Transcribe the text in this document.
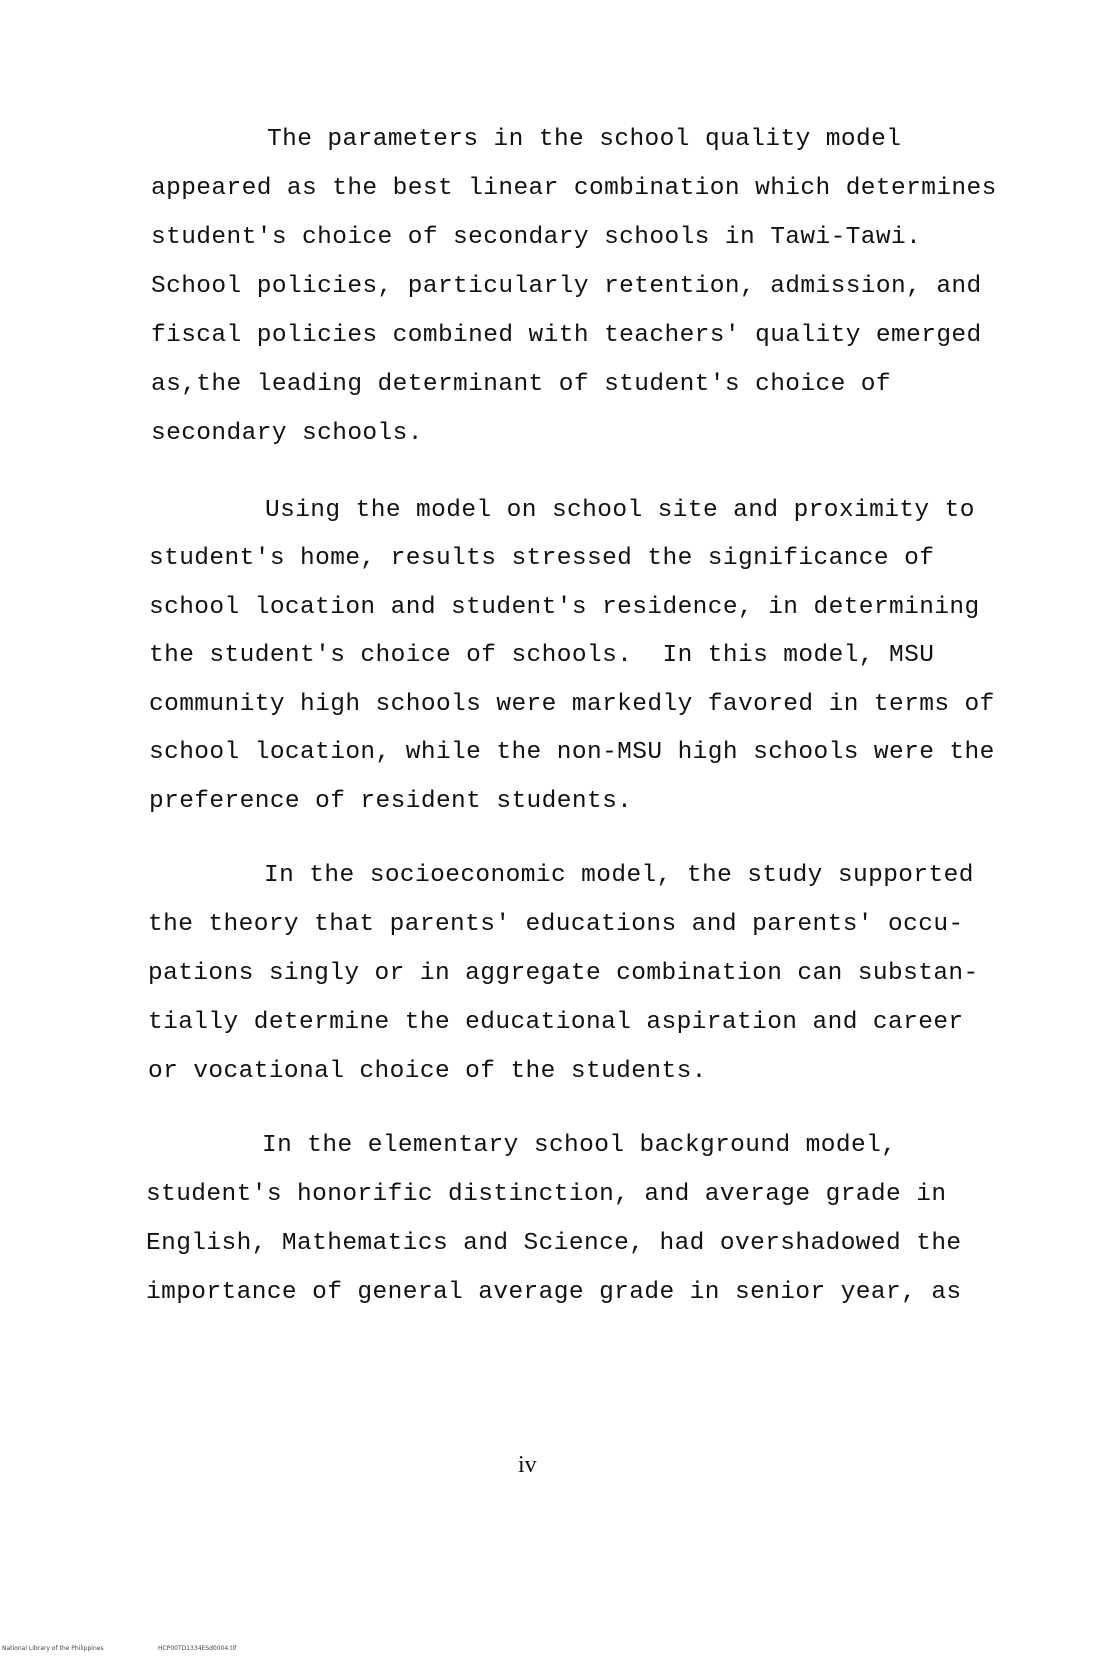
The parameters in the school quality model
appeared as the best linear combination which determines
student's choice of secondary schools in Tawi-Tawi.
School policies, particularly retention, admission, and
fiscal policies combined with teachers' quality emerged
as,the leading determinant of student's choice of
secondary schools.
Using the model on school site and proximity to
student's home, results stressed the significance of
school location and student's residence, in determining
the student's choice of schools.  In this model, MSU
community high schools were markedly favored in terms of
school location, while the non-MSU high schools were the
preference of resident students.
In the socioeconomic model, the study supported
the theory that parents' educations and parents' occu-
pations singly or in aggregate combination can substan-
tially determine the educational aspiration and career
or vocational choice of the students.
In the elementary school background model,
student's honorific distinction, and average grade in
English, Mathematics and Science, had overshadowed the
importance of general average grade in senior year, as
iv
National Library of the Philippines	HCP00TD1334ESd0004.tif
